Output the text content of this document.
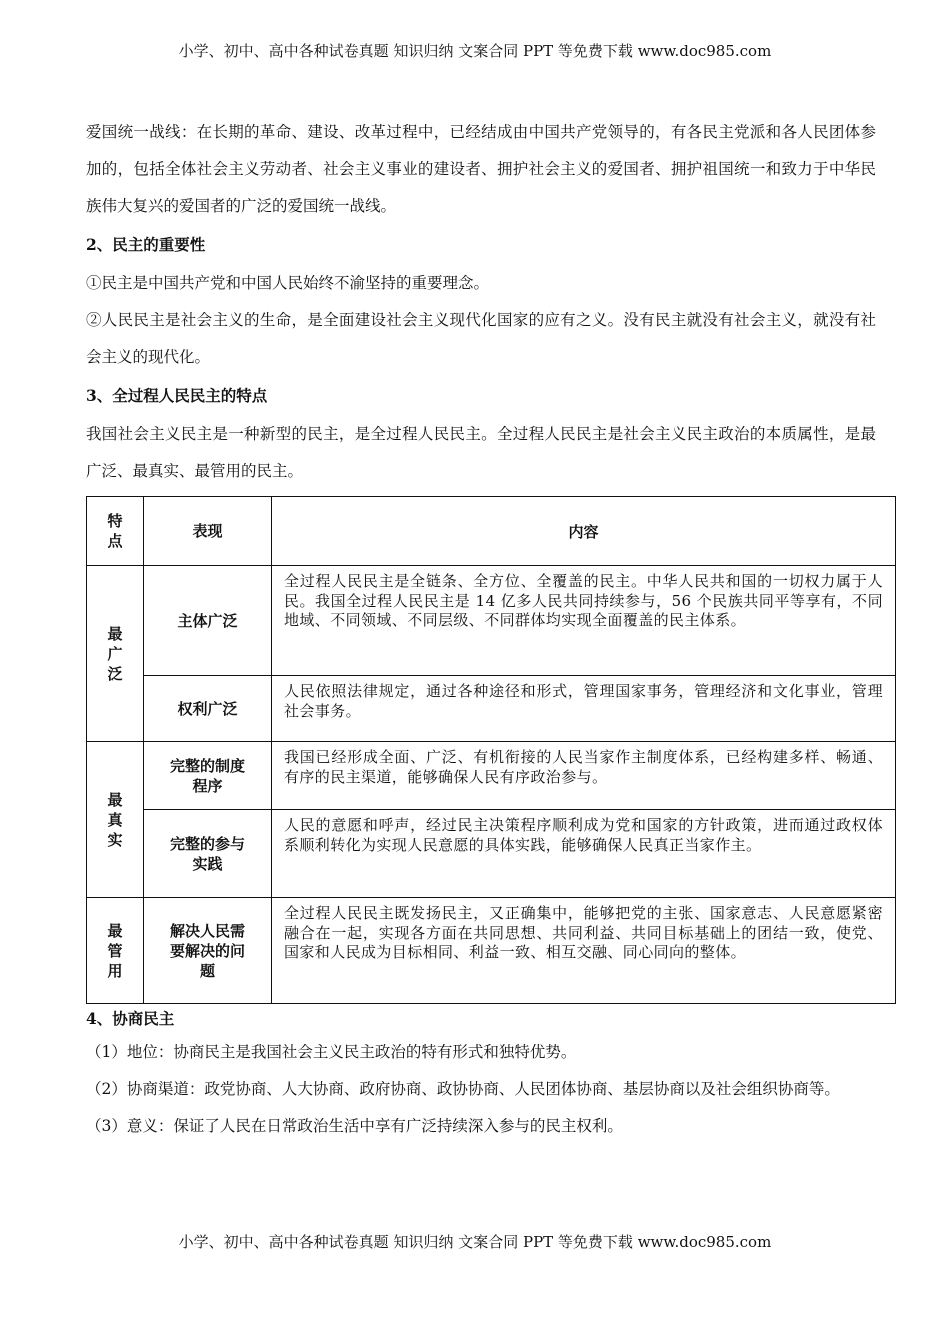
小学、初中、高中各种试卷真题 知识归纳 文案合同 PPT 等免费下载 www.doc985.com

爱国统一战线：在长期的革命、建设、改革过程中，已经结成由中国共产党领导的，有各民主党派和各人民团体参加的，包括全体社会主义劳动者、社会主义事业的建设者、拥护社会主义的爱国者、拥护祖国统一和致力于中华民族伟大复兴的爱国者的广泛的爱国统一战线。

2、民主的重要性

①民主是中国共产党和中国人民始终不渝坚持的重要理念。

②人民民主是社会主义的生命，是全面建设社会主义现代化国家的应有之义。没有民主就没有社会主义，就没有社会主义的现代化。

3、全过程人民民主的特点

我国社会主义民主是一种新型的民主，是全过程人民民主。全过程人民民主是社会主义民主政治的本质属性，是最广泛、最真实、最管用的民主。

特点	表现	内容
最广泛	主体广泛	全过程人民民主是全链条、全方位、全覆盖的民主。中华人民共和国的一切权力属于人民。我国全过程人民民主是 14 亿多人民共同持续参与，56 个民族共同平等享有，不同地域、不同领域、不同层级、不同群体均实现全面覆盖的民主体系。
	权利广泛	人民依照法律规定，通过各种途径和形式，管理国家事务，管理经济和文化事业，管理社会事务。
最真实	完整的制度程序	我国已经形成全面、广泛、有机衔接的人民当家作主制度体系，已经构建多样、畅通、有序的民主渠道，能够确保人民有序政治参与。

	完整的参与实践	人民的意愿和呼声，经过民主决策程序顺利成为党和国家的方针政策，进而通过政权体系顺利转化为实现人民意愿的具体实践，能够确保人民真正当家作主。
最管用	解决人民需要解决的问题	全过程人民民主既发扬民主，又正确集中，能够把党的主张、国家意志、人民意愿紧密融合在一起，实现各方面在共同思想、共同利益、共同目标基础上的团结一致，使党、国家和人民成为目标相同、利益一致、相互交融、同心同向的整体。
4、协商民主

（1）地位：协商民主是我国社会主义民主政治的特有形式和独特优势。

（2）协商渠道：政党协商、人大协商、政府协商、政协协商、人民团体协商、基层协商以及社会组织协商等。

（3）意义：保证了人民在日常政治生活中享有广泛持续深入参与的民主权利。

小学、初中、高中各种试卷真题 知识归纳 文案合同 PPT 等免费下载 www.doc985.com
